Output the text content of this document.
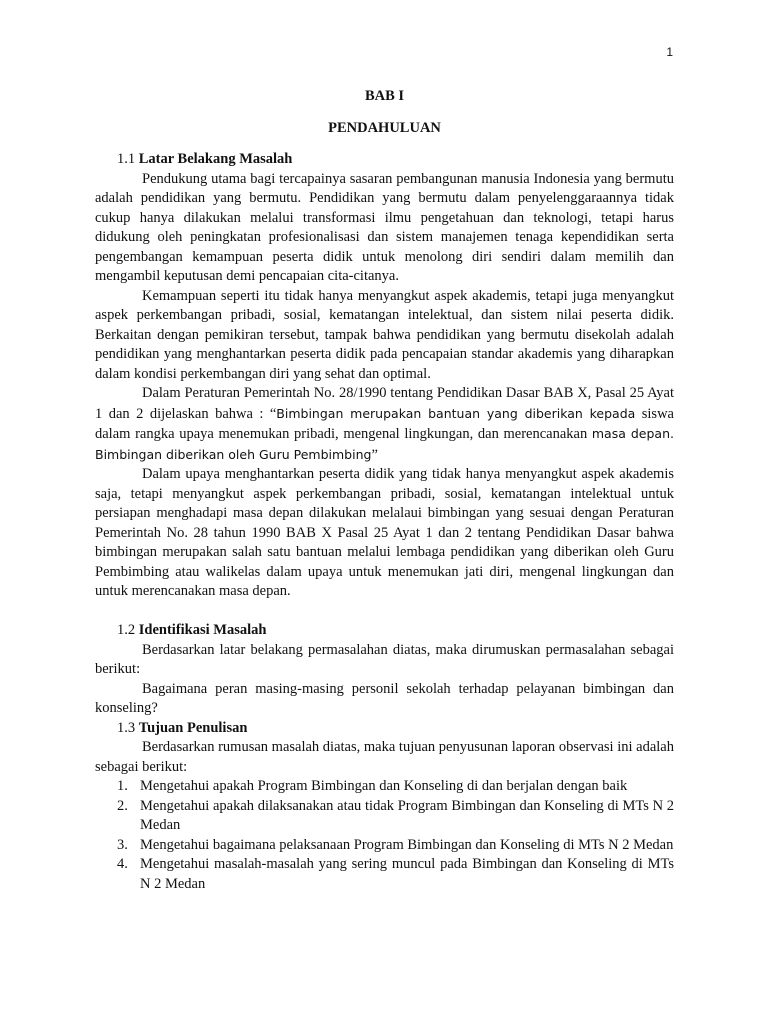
1

BAB I

PENDAHULUAN

1.1 Latar Belakang Masalah

Pendukung utama bagi tercapainya sasaran pembangunan manusia Indonesia yang bermutu adalah pendidikan yang bermutu. Pendidikan yang bermutu dalam penyelenggaraannya tidak cukup hanya dilakukan melalui transformasi ilmu pengetahuan dan teknologi, tetapi harus didukung oleh peningkatan profesionalisasi dan sistem manajemen tenaga kependidikan serta pengembangan kemampuan peserta didik untuk menolong diri sendiri dalam memilih dan mengambil keputusan demi pencapaian cita-citanya.

Kemampuan seperti itu tidak hanya menyangkut aspek akademis, tetapi juga menyangkut aspek perkembangan pribadi, sosial, kematangan intelektual, dan sistem nilai peserta didik. Berkaitan dengan pemikiran tersebut, tampak bahwa pendidikan yang bermutu disekolah adalah pendidikan yang menghantarkan peserta didik pada pencapaian standar akademis yang diharapkan dalam kondisi perkembangan diri yang sehat dan optimal.

Dalam Peraturan Pemerintah No. 28/1990 tentang Pendidikan Dasar BAB X, Pasal 25 Ayat 1 dan 2 dijelaskan bahwa : “Bimbingan merupakan bantuan yang diberikan kepada siswa dalam rangka upaya menemukan pribadi, mengenal lingkungan, dan merencanakan masa depan. Bimbingan diberikan oleh Guru Pembimbing”

Dalam upaya menghantarkan peserta didik yang tidak hanya menyangkut aspek akademis saja, tetapi menyangkut aspek perkembangan pribadi, sosial, kematangan intelektual untuk persiapan menghadapi masa depan dilakukan melalaui bimbingan yang sesuai dengan Peraturan Pemerintah No. 28 tahun 1990 BAB X Pasal 25 Ayat 1 dan 2 tentang Pendidikan Dasar bahwa bimbingan merupakan salah satu bantuan melalui lembaga pendidikan yang diberikan oleh Guru Pembimbing atau walikelas dalam upaya untuk menemukan jati diri, mengenal lingkungan dan untuk merencanakan masa depan.

1.2 Identifikasi Masalah

Berdasarkan latar belakang permasalahan diatas, maka dirumuskan permasalahan sebagai berikut:

Bagaimana peran masing-masing personil sekolah terhadap pelayanan bimbingan dan konseling?

1.3 Tujuan Penulisan

Berdasarkan rumusan masalah diatas, maka tujuan penyusunan laporan observasi ini adalah sebagai berikut:

1. Mengetahui apakah Program Bimbingan dan Konseling di dan berjalan dengan baik
2. Mengetahui apakah dilaksanakan atau tidak Program Bimbingan dan Konseling di MTs N 2 Medan
3. Mengetahui bagaimana pelaksanaan Program Bimbingan dan Konseling di MTs N 2 Medan
4. Mengetahui masalah-masalah yang sering muncul pada Bimbingan dan Konseling di MTs N 2 Medan
